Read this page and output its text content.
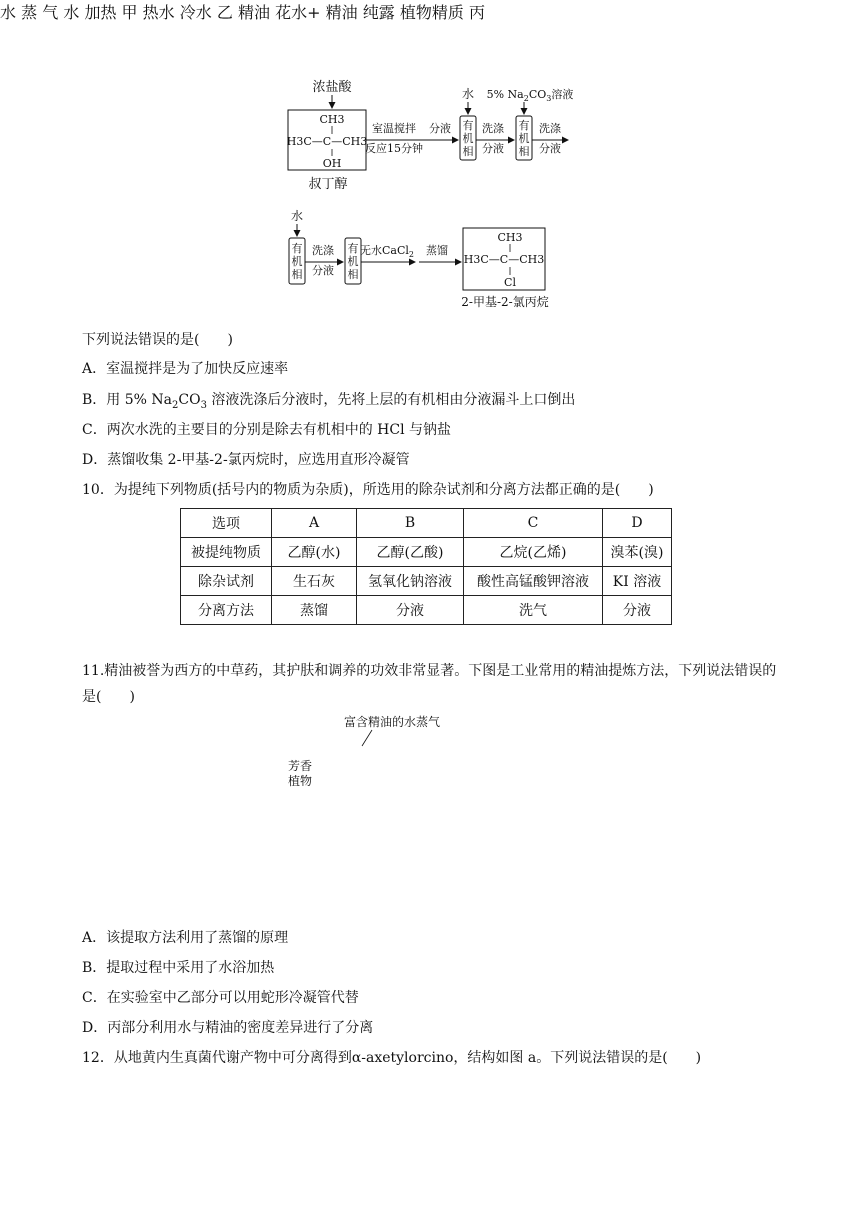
浓盐酸
CH3
H3C—C—CH3
OH
叔丁醇
室温搅拌
反应15分钟
分液
水
有机相
洗涤
分液
5% $Na_2CO_3$溶液
有机相
洗涤
分液
水
有机相
洗涤
分液
有机相
无水CaCl$_2$ 蒸馏
CH3
H3C—C—CH3
Cl
2-甲基-2-氯丙烷
下列说法错误的是(　　)
A．室温搅拌是为了加快反应速率
B．用 5% $Na_2CO_3$ 溶液洗涤后分液时，先将上层的有机相由分液漏斗上口倒出
C．两次水洗的主要目的分别是除去有机相中的 HCl 与钠盐
D．蒸馏收集 2-甲基-2-氯丙烷时，应选用直形冷凝管
10．为提纯下列物质(括号内的物质为杂质)，所选用的除杂试剂和分离方法都正确的是(　　)
选项	A	B	C	D
被提纯物质	乙醇(水)	乙醇(乙酸)	乙烷(乙烯)	溴苯(溴)
除杂试剂	生石灰	氢氧化钠溶液	酸性高锰酸钾溶液	KI 溶液
分离方法	蒸馏	分液	洗气	分液
11.精油被誉为西方的中草药，其护肤和调养的功效非常显著。下图是工业常用的精油提炼方法，下列说法错误的是(　　)
富含精油的水蒸气
芳香
植物
水 蒸 气 水 加热 甲 热水 冷水 乙 精油 花水+ 精油 纯露 植物精质 丙
A．该提取方法利用了蒸馏的原理
B．提取过程中采用了水浴加热
C．在实验室中乙部分可以用蛇形冷凝管代替
D．丙部分利用水与精油的密度差异进行了分离
12．从地黄内生真菌代谢产物中可分离得到α-axetylorcino，结构如图 a。下列说法错误的是(　　)
